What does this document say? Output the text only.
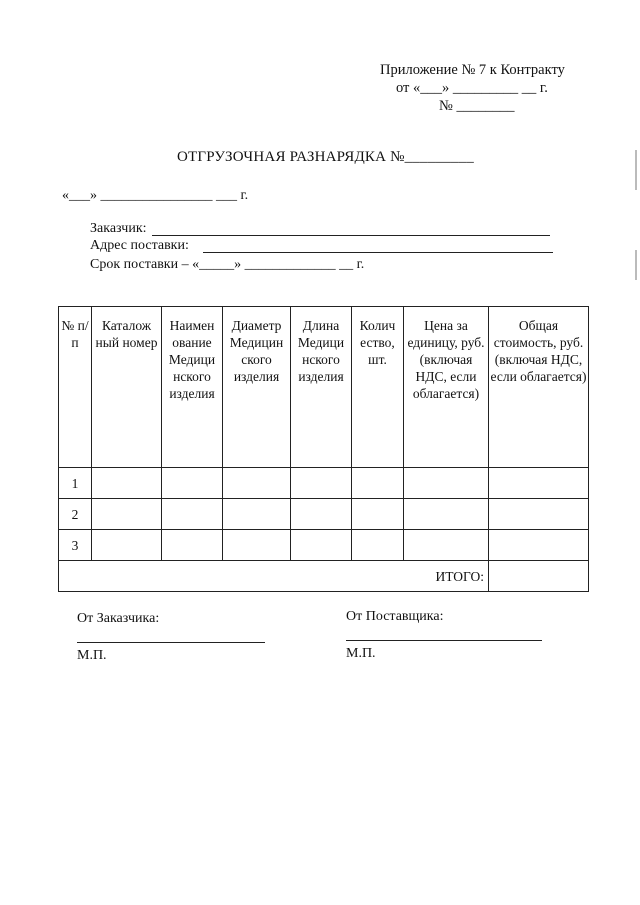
Приложение № 7 к Контракту
от «___» _________ __ г.
№ ________
ОТГРУЗОЧНАЯ РАЗНАРЯДКА №_________
«___» ________________ ___ г.
Заказчик:
Адрес поставки:
Срок поставки – «_____» _____________ __ г.
№ п/п	Каталож ный номер	Наимен ование Медици нского изделия	Диаметр Медицин ского изделия	Длина Медици нского изделия	Колич ество, шт.	Цена за единицу, руб. (включая НДС, если облагается)	Общая стоимость, руб. (включая НДС, если облагается)
1							
2							
3							
ИТОГО:							
От Заказчика:
М.П.
От Поставщика:
М.П.
